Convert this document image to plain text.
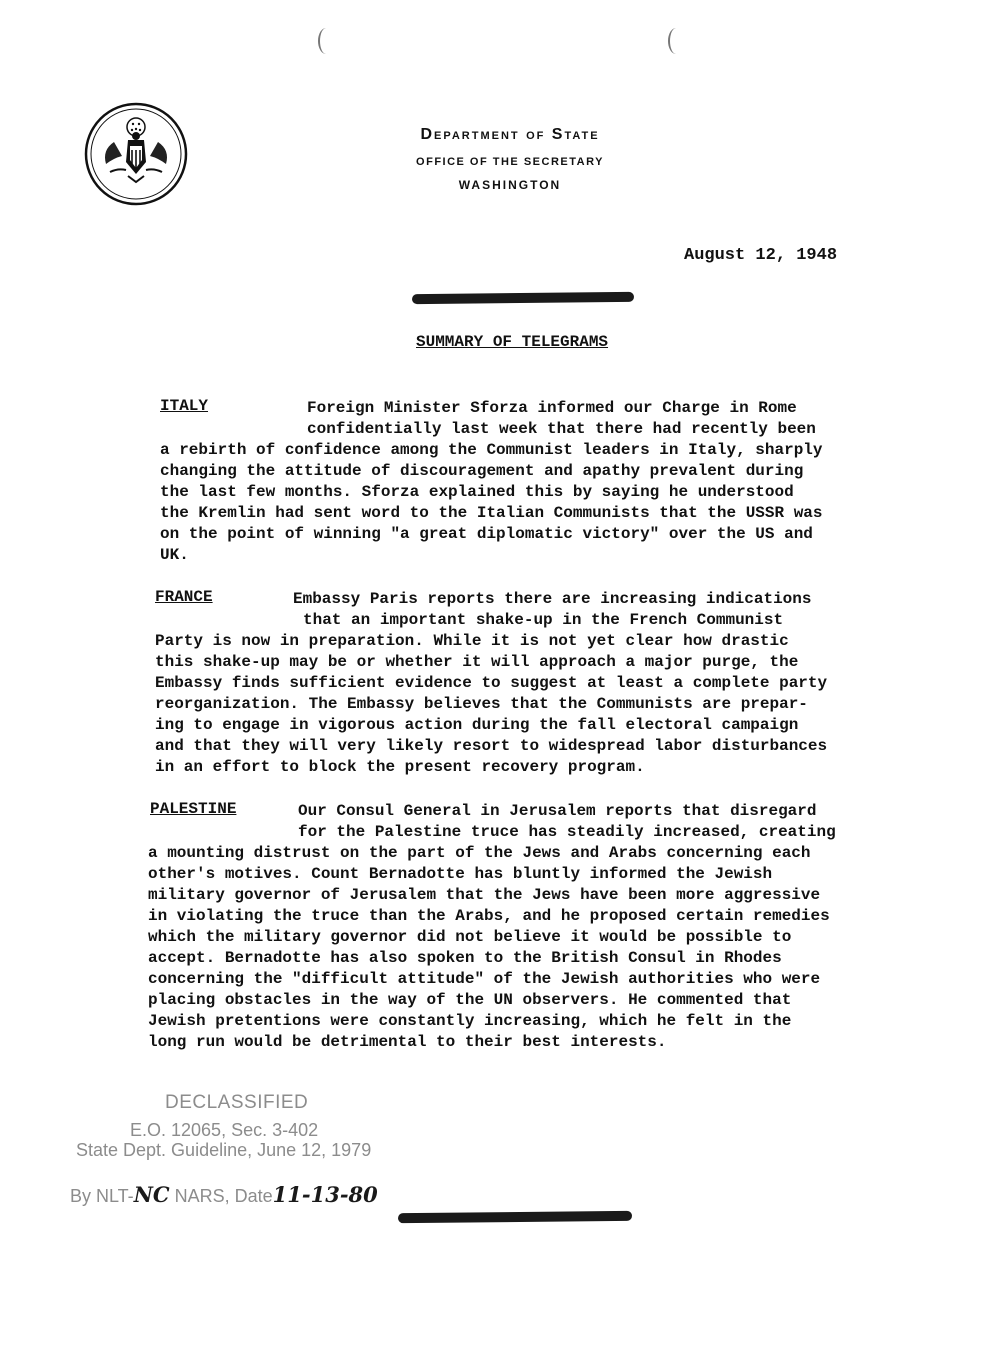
Department of State
OFFICE OF THE SECRETARY
WASHINGTON
August 12, 1948
SUMMARY OF TELEGRAMS
ITALY	Foreign Minister Sforza informed our Charge in Rome
confidentially last week that there had recently been
a rebirth of confidence among the Communist leaders in Italy, sharply
changing the attitude of discouragement and apathy prevalent during
the last few months. Sforza explained this by saying he understood
the Kremlin had sent word to the Italian Communists that the USSR was
on the point of winning "a great diplomatic victory" over the US and
UK.
FRANCE	Embassy Paris reports there are increasing indications
that an important shake-up in the French Communist
Party is now in preparation. While it is not yet clear how drastic
this shake-up may be or whether it will approach a major purge, the
Embassy finds sufficient evidence to suggest at least a complete party
reorganization. The Embassy believes that the Communists are prepar-
ing to engage in vigorous action during the fall electoral campaign
and that they will very likely resort to widespread labor disturbances
in an effort to block the present recovery program.
PALESTINE	Our Consul General in Jerusalem reports that disregard
for the Palestine truce has steadily increased, creating
a mounting distrust on the part of the Jews and Arabs concerning each
other's motives. Count Bernadotte has bluntly informed the Jewish
military governor of Jerusalem that the Jews have been more aggressive
in violating the truce than the Arabs, and he proposed certain remedies
which the military governor did not believe it would be possible to
accept. Bernadotte has also spoken to the British Consul in Rhodes
concerning the "difficult attitude" of the Jewish authorities who were
placing obstacles in the way of the UN observers. He commented that
Jewish pretentions were constantly increasing, which he felt in the
long run would be detrimental to their best interests.
DECLASSIFIED
E.O. 12065, Sec. 3-402
State Dept. Guideline, June 12, 1979
By NLT-NC NARS, Date11-13-80
